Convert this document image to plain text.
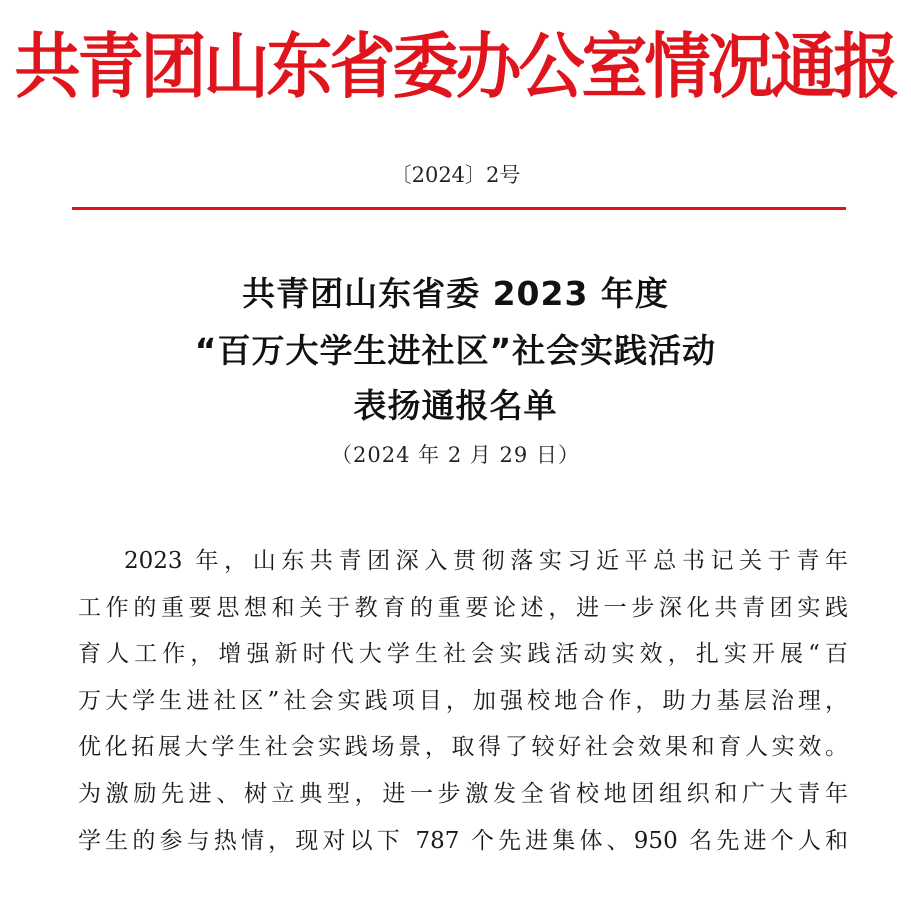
共青团山东省委办公室情况通报
〔2024〕2号
共青团山东省委 2023 年度
“百万大学生进社区”社会实践活动
表扬通报名单
（2024 年 2 月 29 日）
2023 年，山东共青团深入贯彻落实习近平总书记关于青年
工作的重要思想和关于教育的重要论述，进一步深化共青团实践
育人工作，增强新时代大学生社会实践活动实效，扎实开展“百
万大学生进社区”社会实践项目，加强校地合作，助力基层治理，
优化拓展大学生社会实践场景，取得了较好社会效果和育人实效。
为激励先进、树立典型，进一步激发全省校地团组织和广大青年
学生的参与热情，现对以下 787 个先进集体、950 名先进个人和
